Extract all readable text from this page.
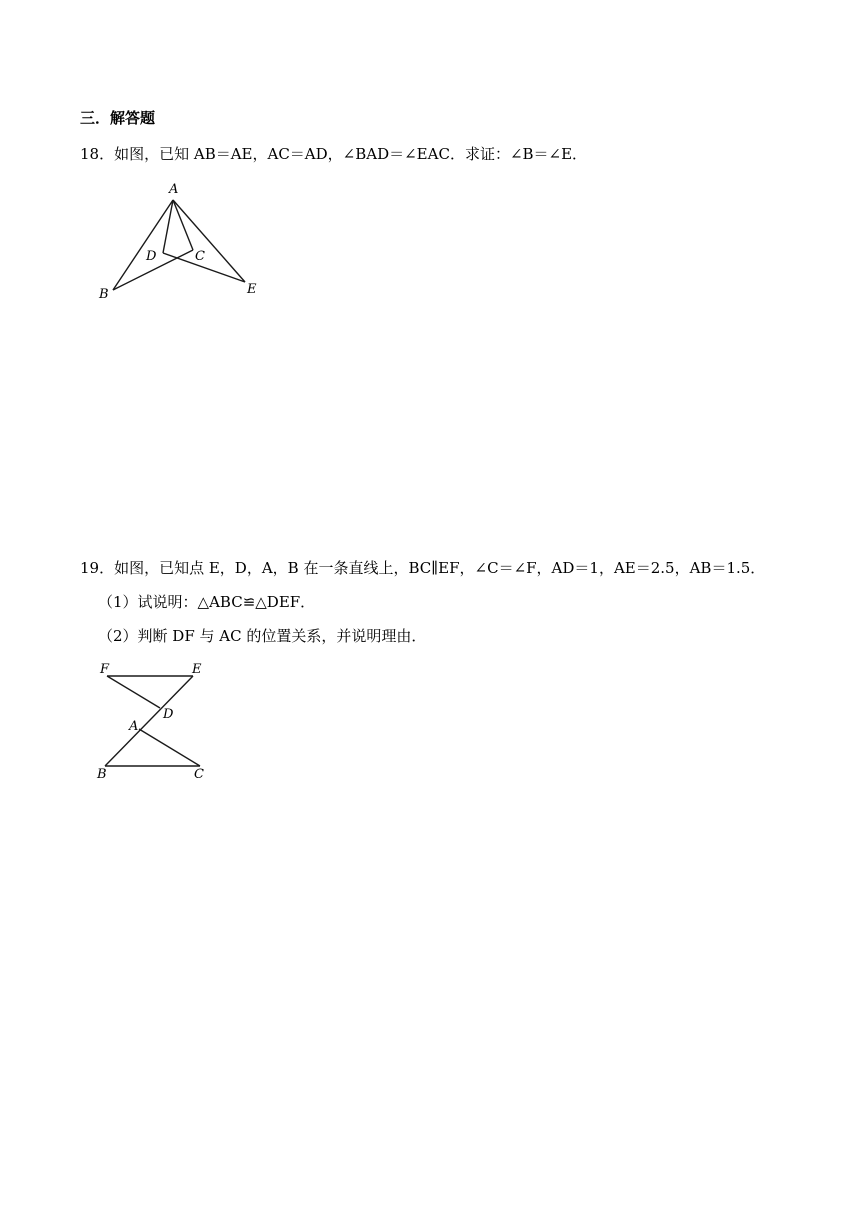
三．解答题
18．如图，已知 AB＝AE，AC＝AD，∠BAD＝∠EAC．求证：∠B＝∠E．
A
B
C
D
E
19．如图，已知点 E，D，A，B 在一条直线上，BC∥EF，∠C＝∠F，AD＝1，AE＝2.5，AB＝1.5．
（1）试说明：△ABC≌△DEF．
（2）判断 DF 与 AC 的位置关系，并说明理由．
F	E
D
A
B	C
